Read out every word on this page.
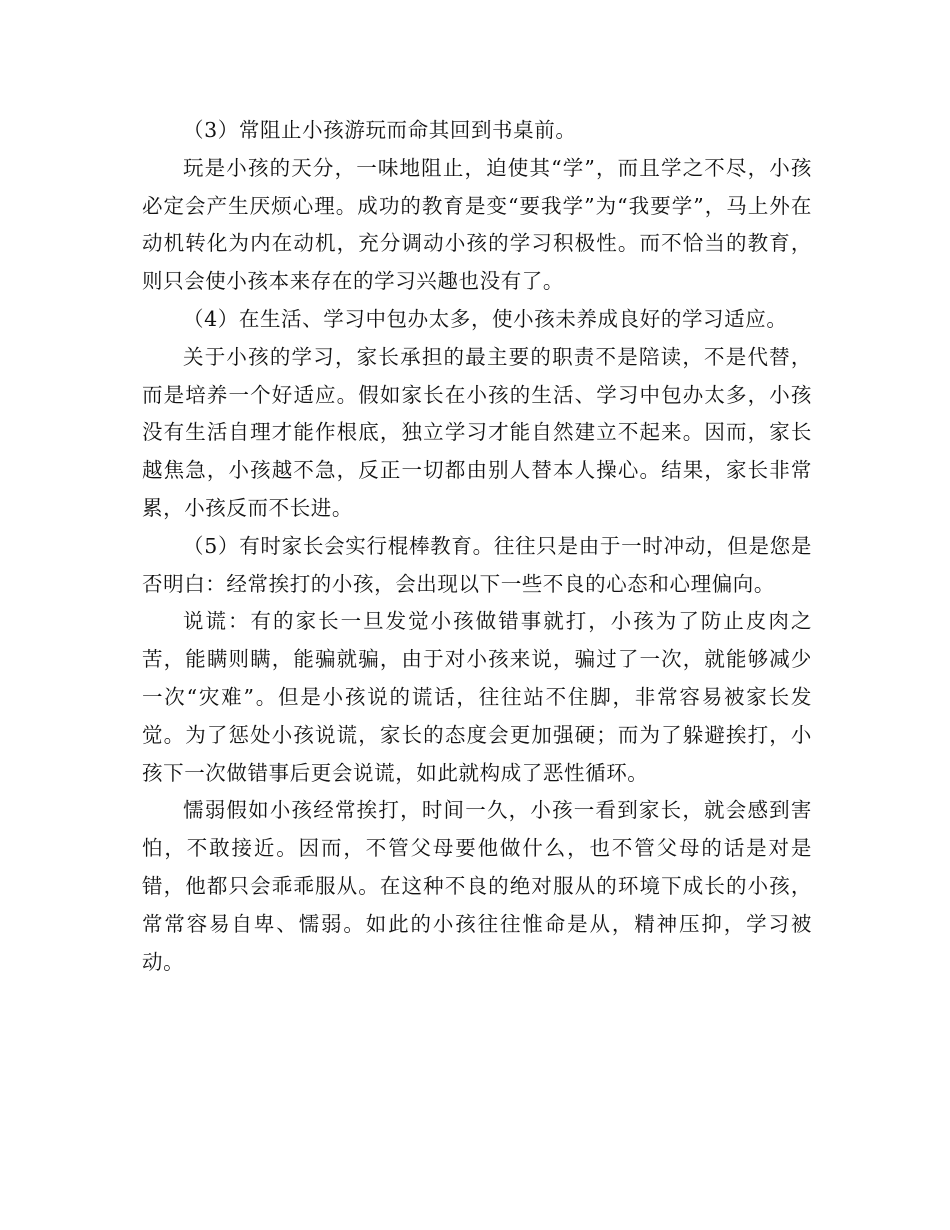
（3）常阻止小孩游玩而命其回到书桌前。

玩是小孩的天分，一味地阻止，迫使其“学”，而且学之不尽，小孩必定会产生厌烦心理。成功的教育是变“要我学”为“我要学”，马上外在动机转化为内在动机，充分调动小孩的学习积极性。而不恰当的教育，则只会使小孩本来存在的学习兴趣也没有了。

（4）在生活、学习中包办太多，使小孩未养成良好的学习适应。

关于小孩的学习，家长承担的最主要的职责不是陪读，不是代替，而是培养一个好适应。假如家长在小孩的生活、学习中包办太多，小孩没有生活自理才能作根底，独立学习才能自然建立不起来。因而，家长越焦急，小孩越不急，反正一切都由别人替本人操心。结果，家长非常累，小孩反而不长进。

（5）有时家长会实行棍棒教育。往往只是由于一时冲动，但是您是否明白：经常挨打的小孩，会出现以下一些不良的心态和心理偏向。

说谎：有的家长一旦发觉小孩做错事就打，小孩为了防止皮肉之苦，能瞒则瞒，能骗就骗，由于对小孩来说，骗过了一次，就能够减少一次“灾难”。但是小孩说的谎话，往往站不住脚，非常容易被家长发觉。为了惩处小孩说谎，家长的态度会更加强硬；而为了躲避挨打，小孩下一次做错事后更会说谎，如此就构成了恶性循环。

懦弱假如小孩经常挨打，时间一久，小孩一看到家长，就会感到害怕，不敢接近。因而，不管父母要他做什么，也不管父母的话是对是错，他都只会乖乖服从。在这种不良的绝对服从的环境下成长的小孩，常常容易自卑、懦弱。如此的小孩往往惟命是从，精神压抑，学习被动。
